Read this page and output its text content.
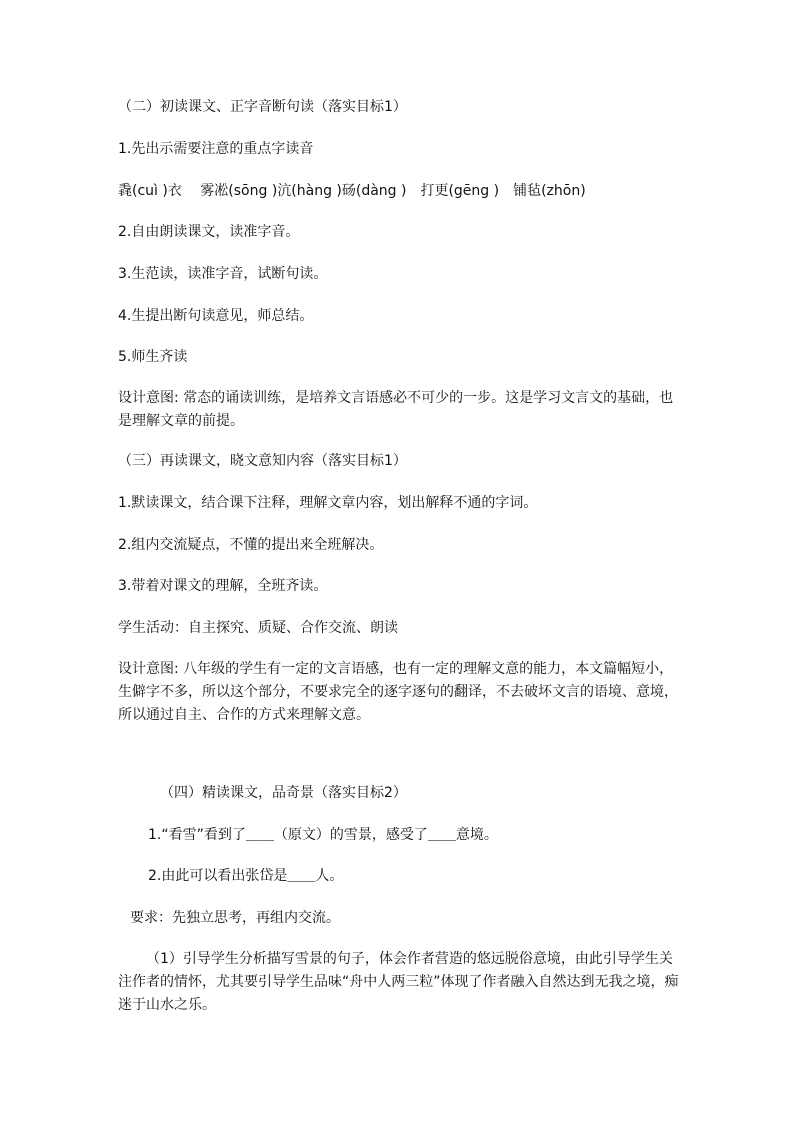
（二）初读课文、正字音断句读（落实目标1）
1.先出示需要注意的重点字读音
毳(cuì )衣　 雾凇(sōng )沆(hàng )砀(dàng )　打更(gēng )　铺毡(zhōn)
2.自由朗读课文，读准字音。
3.生范读，读准字音，试断句读。
4.生提出断句读意见，师总结。
5.师生齐读
设计意图: 常态的诵读训练，是培养文言语感必不可少的一步。这是学习文言文的基础，也是理解文章的前提。
（三）再读课文，晓文意知内容（落实目标1）
1.默读课文，结合课下注释，理解文章内容，划出解释不通的字词。
2.组内交流疑点，不懂的提出来全班解决。
3.带着对课文的理解，全班齐读。
学生活动：自主探究、质疑、合作交流、朗读
设计意图: 八年级的学生有一定的文言语感，也有一定的理解文意的能力，本文篇幅短小，生僻字不多，所以这个部分，不要求完全的逐字逐句的翻译，不去破坏文言的语境、意境，所以通过自主、合作的方式来理解文意。
（四）精读课文，品奇景（落实目标2）
1.“看雪”看到了＿＿（原文）的雪景，感受了＿＿意境。
2.由此可以看出张岱是＿＿人。
要求：先独立思考，再组内交流。
（1）引导学生分析描写雪景的句子，体会作者营造的悠远脱俗意境，由此引导学生关注作者的情怀，尤其要引导学生品味“舟中人两三粒”体现了作者融入自然达到无我之境，痴迷于山水之乐。
